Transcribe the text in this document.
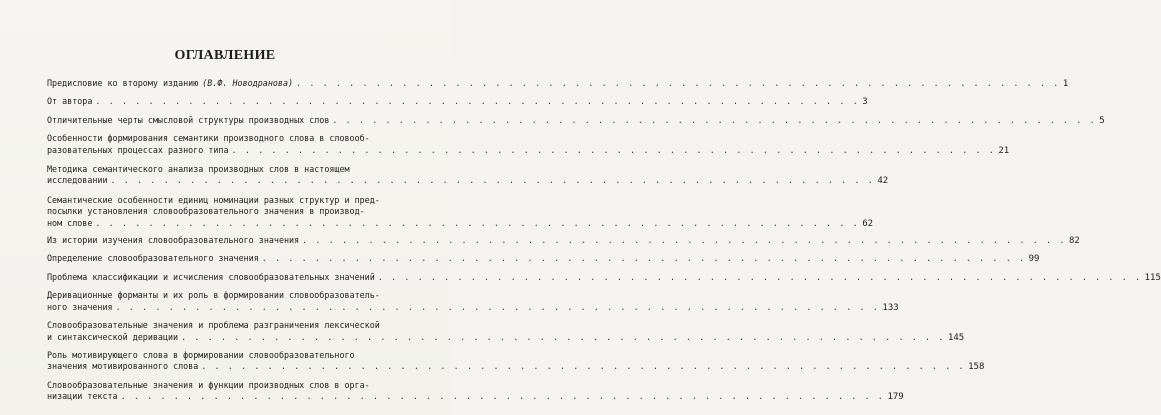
ОГЛАВЛЕНИЕ
Предисловие ко второму изданию (В.Ф. Новодранова) . . . . . . . . . . . . . . . . . . . . . . . . . . . . . . . . . . . . . . . . . . . . . . . . . . . . . . . . . . 1
От автора . . . . . . . . . . . . . . . . . . . . . . . . . . . . . . . . . . . . . . . . . . . . . . . . . . . . . . . . . . 3
Отличительные черты смысловой структуры производных слов . . . . . . . . . . . . . . . . . . . . . . . . . . . . . . . . . . . . . . . . . . . . . . . . . . . . . . . . . . 5
Особенности формирования семантики производного слова в словооб-
разовательных процессах разного типа . . . . . . . . . . . . . . . . . . . . . . . . . . . . . . . . . . . . . . . . . . . . . . . . . . . . . . . . . . 21
Методика семантического анализа производных слов в настоящем
исследовании . . . . . . . . . . . . . . . . . . . . . . . . . . . . . . . . . . . . . . . . . . . . . . . . . . . . . . . . . . 42
Семантические особенности единиц номинации разных структур и пред-
посылки установления словообразовательного значения в производ-
ном слове . . . . . . . . . . . . . . . . . . . . . . . . . . . . . . . . . . . . . . . . . . . . . . . . . . . . . . . . . . 62
Из истории изучения словообразовательного значения . . . . . . . . . . . . . . . . . . . . . . . . . . . . . . . . . . . . . . . . . . . . . . . . . . . . . . . . . . 82
Определение словообразовательного значения . . . . . . . . . . . . . . . . . . . . . . . . . . . . . . . . . . . . . . . . . . . . . . . . . . . . . . . . . . 99
Проблема классификации и исчисления словообразовательных значений . . . . . . . . . . . . . . . . . . . . . . . . . . . . . . . . . . . . . . . . . . . . . . . . . . . . . . . . . . 115
Деривационные форманты и их роль в формировании словообразователь-
ного значения . . . . . . . . . . . . . . . . . . . . . . . . . . . . . . . . . . . . . . . . . . . . . . . . . . . . . . . . . . 133
Словообразовательные значения и проблема разграничения лексической
и синтаксической деривации . . . . . . . . . . . . . . . . . . . . . . . . . . . . . . . . . . . . . . . . . . . . . . . . . . . . . . . . . . 145
Роль мотивирующего слова в формировании словообразовательного
значения мотивированного слова . . . . . . . . . . . . . . . . . . . . . . . . . . . . . . . . . . . . . . . . . . . . . . . . . . . . . . . . . . 158
Словообразовательные значения и функции производных слов в орга-
низации текста . . . . . . . . . . . . . . . . . . . . . . . . . . . . . . . . . . . . . . . . . . . . . . . . . . . . . . . . . . 179
